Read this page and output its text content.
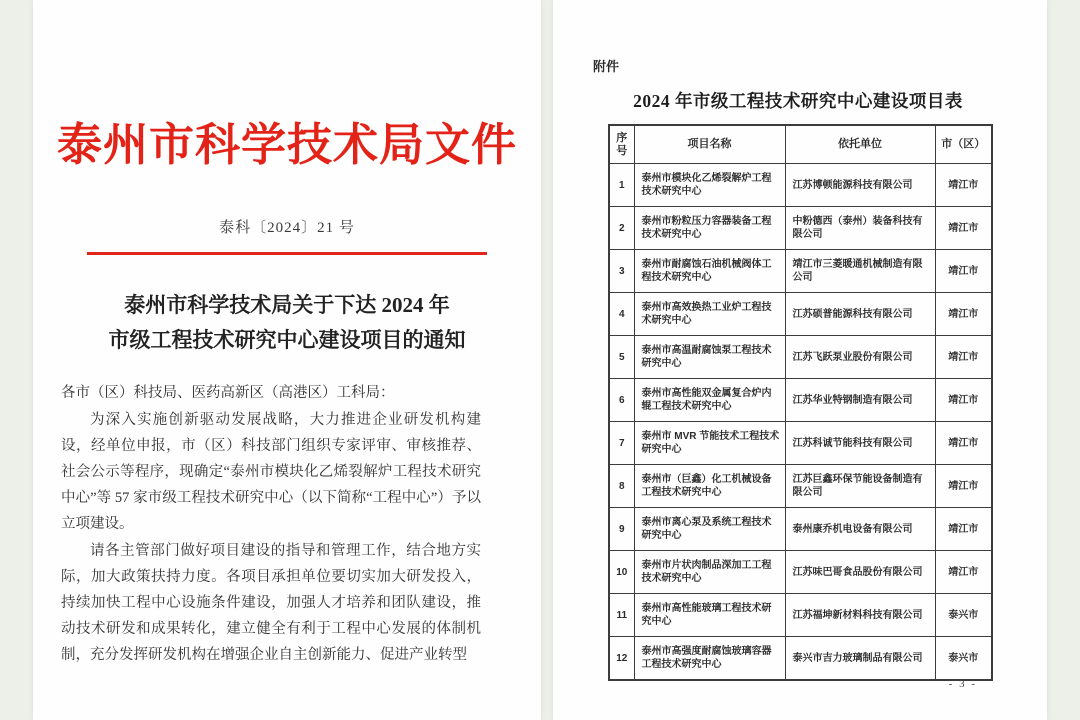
泰州市科学技术局文件
泰科〔2024〕21 号
泰州市科学技术局关于下达 2024 年
市级工程技术研究中心建设项目的通知

各市（区）科技局、医药高新区（高港区）工科局：

为深入实施创新驱动发展战略，大力推进企业研发机构建设，经单位申报，市（区）科技部门组织专家评审、审核推荐、社会公示等程序，现确定“泰州市模块化乙烯裂解炉工程技术研究中心”等 57 家市级工程技术研究中心（以下简称“工程中心”）予以立项建设。

请各主管部门做好项目建设的指导和管理工作，结合地方实际，加大政策扶持力度。各项目承担单位要切实加大研发投入，持续加快工程中心设施条件建设，加强人才培养和团队建设，推动技术研发和成果转化，建立健全有利于工程中心发展的体制机制，充分发挥研发机构在增强企业自主创新能力、促进产业转型

附件
2024 年市级工程技术研究中心建设项目表
序号	项目名称	依托单位	市（区）
1	泰州市模块化乙烯裂解炉工程技术研究中心	江苏博顿能源科技有限公司	靖江市
2	泰州市粉粒压力容器装备工程技术研究中心	中粉德西（泰州）装备科技有限公司	靖江市
3	泰州市耐腐蚀石油机械阀体工程技术研究中心	靖江市三菱暖通机械制造有限公司	靖江市
4	泰州市高效换热工业炉工程技术研究中心	江苏硕普能源科技有限公司	靖江市
5	泰州市高温耐腐蚀泵工程技术研究中心	江苏飞跃泵业股份有限公司	靖江市
6	泰州市高性能双金属复合炉内辊工程技术研究中心	江苏华业特钢制造有限公司	靖江市
7	泰州市 MVR 节能技术工程技术研究中心	江苏科诚节能科技有限公司	靖江市
8	泰州市（巨鑫）化工机械设备工程技术研究中心	江苏巨鑫环保节能设备制造有限公司	靖江市
9	泰州市离心泵及系统工程技术研究中心	泰州康乔机电设备有限公司	靖江市
10	泰州市片状肉制品深加工工程技术研究中心	江苏味巴哥食品股份有限公司	靖江市
11	泰州市高性能玻璃工程技术研究中心	江苏福坤新材料科技有限公司	泰兴市
12	泰州市高强度耐腐蚀玻璃容器工程技术研究中心	泰兴市吉力玻璃制品有限公司	泰兴市
- 3 -
